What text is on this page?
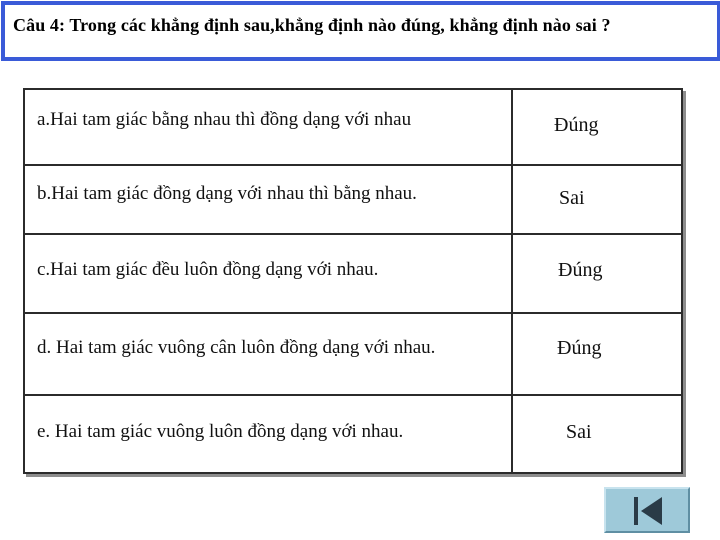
Câu 4: Trong các khẳng định sau,khẳng định nào đúng, khẳng định nào sai ?
a.Hai tam giác bằng nhau thì đồng dạng với nhau	Đúng
b.Hai tam giác đồng dạng với nhau thì bằng nhau.	Sai
c.Hai tam giác đều luôn đồng dạng với nhau.	Đúng
d. Hai tam giác vuông cân luôn đồng dạng với nhau.	Đúng
e. Hai tam giác vuông luôn đồng dạng với nhau.	Sai
